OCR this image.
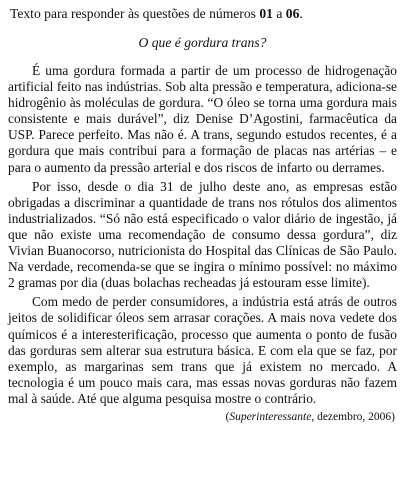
Texto para responder às questões de números 01 a 06.
O que é gordura trans?

É uma gordura formada a partir de um processo de hidrogenação artificial feito nas indústrias. Sob alta pressão e temperatura, adiciona-se hidrogênio às moléculas de gordura. “O óleo se torna uma gordura mais consistente e mais durável”, diz Denise D’Agostini, farmacêutica da USP. Parece perfeito. Mas não é. A trans, segundo estudos recentes, é a gordura que mais contribui para a formação de placas nas artérias – e para o aumento da pressão arterial e dos riscos de infarto ou derrames.

Por isso, desde o dia 31 de julho deste ano, as empresas estão obrigadas a discriminar a quantidade de trans nos rótulos dos alimentos industrializados. “Só não está especificado o valor diário de ingestão, já que não existe uma recomendação de consumo dessa gordura”, diz Vivian Buanocorso, nutricionista do Hospital das Clínicas de São Paulo. Na verdade, recomenda-se que se ingira o mínimo possível: no máximo 2 gramas por dia (duas bolachas recheadas já estouram esse limite).

Com medo de perder consumidores, a indústria está atrás de outros jeitos de solidificar óleos sem arrasar corações. A mais nova vedete dos químicos é a interesterificação, processo que aumenta o ponto de fusão das gorduras sem alterar sua estrutura básica. E com ela que se faz, por exemplo, as margarinas sem trans que já existem no mercado. A tecnologia é um pouco mais cara, mas essas novas gorduras não fazem mal à saúde. Até que alguma pesquisa mostre o contrário.

(Superinteressante, dezembro, 2006)
